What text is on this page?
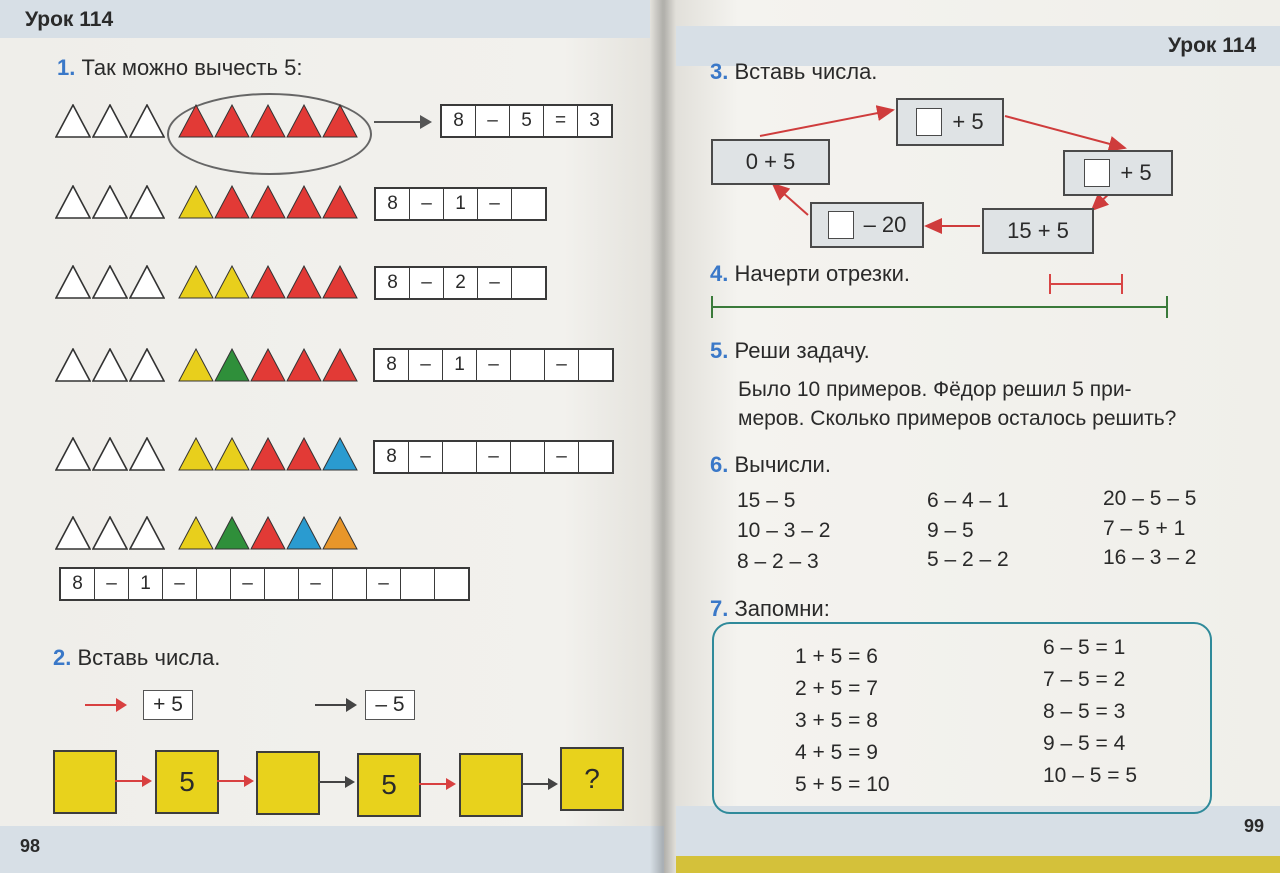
Урок 114
98
1. Так можно вычесть 5:
8	–	5	=	3
8	–	1	–
8	–	2	–
8	–	1	–	–
8	–	–	–
8	–	1	–	–	–	–
2. Вставь числа.
+ 5	– 5
5	5	?
Урок 114
99
3. Вставь числа.
+ 5
0 + 5	+ 5
15 + 5
– 20
4. Начерти отрезки.
5. Реши задачу.
Было 10 примеров. Фёдор решил 5 при-
меров. Сколько примеров осталось решить?
6. Вычисли.
15 – 5
10 – 3 – 2
8 – 2 – 3
6 – 4 – 1
9 – 5
5 – 2 – 2
20 – 5 – 5
7 – 5 + 1
16 – 3 – 2
7. Запомни:
1 + 5 = 6
2 + 5 = 7
3 + 5 = 8
4 + 5 = 9
5 + 5 = 10
6 – 5 = 1
7 – 5 = 2
8 – 5 = 3
9 – 5 = 4
10 – 5 = 5
